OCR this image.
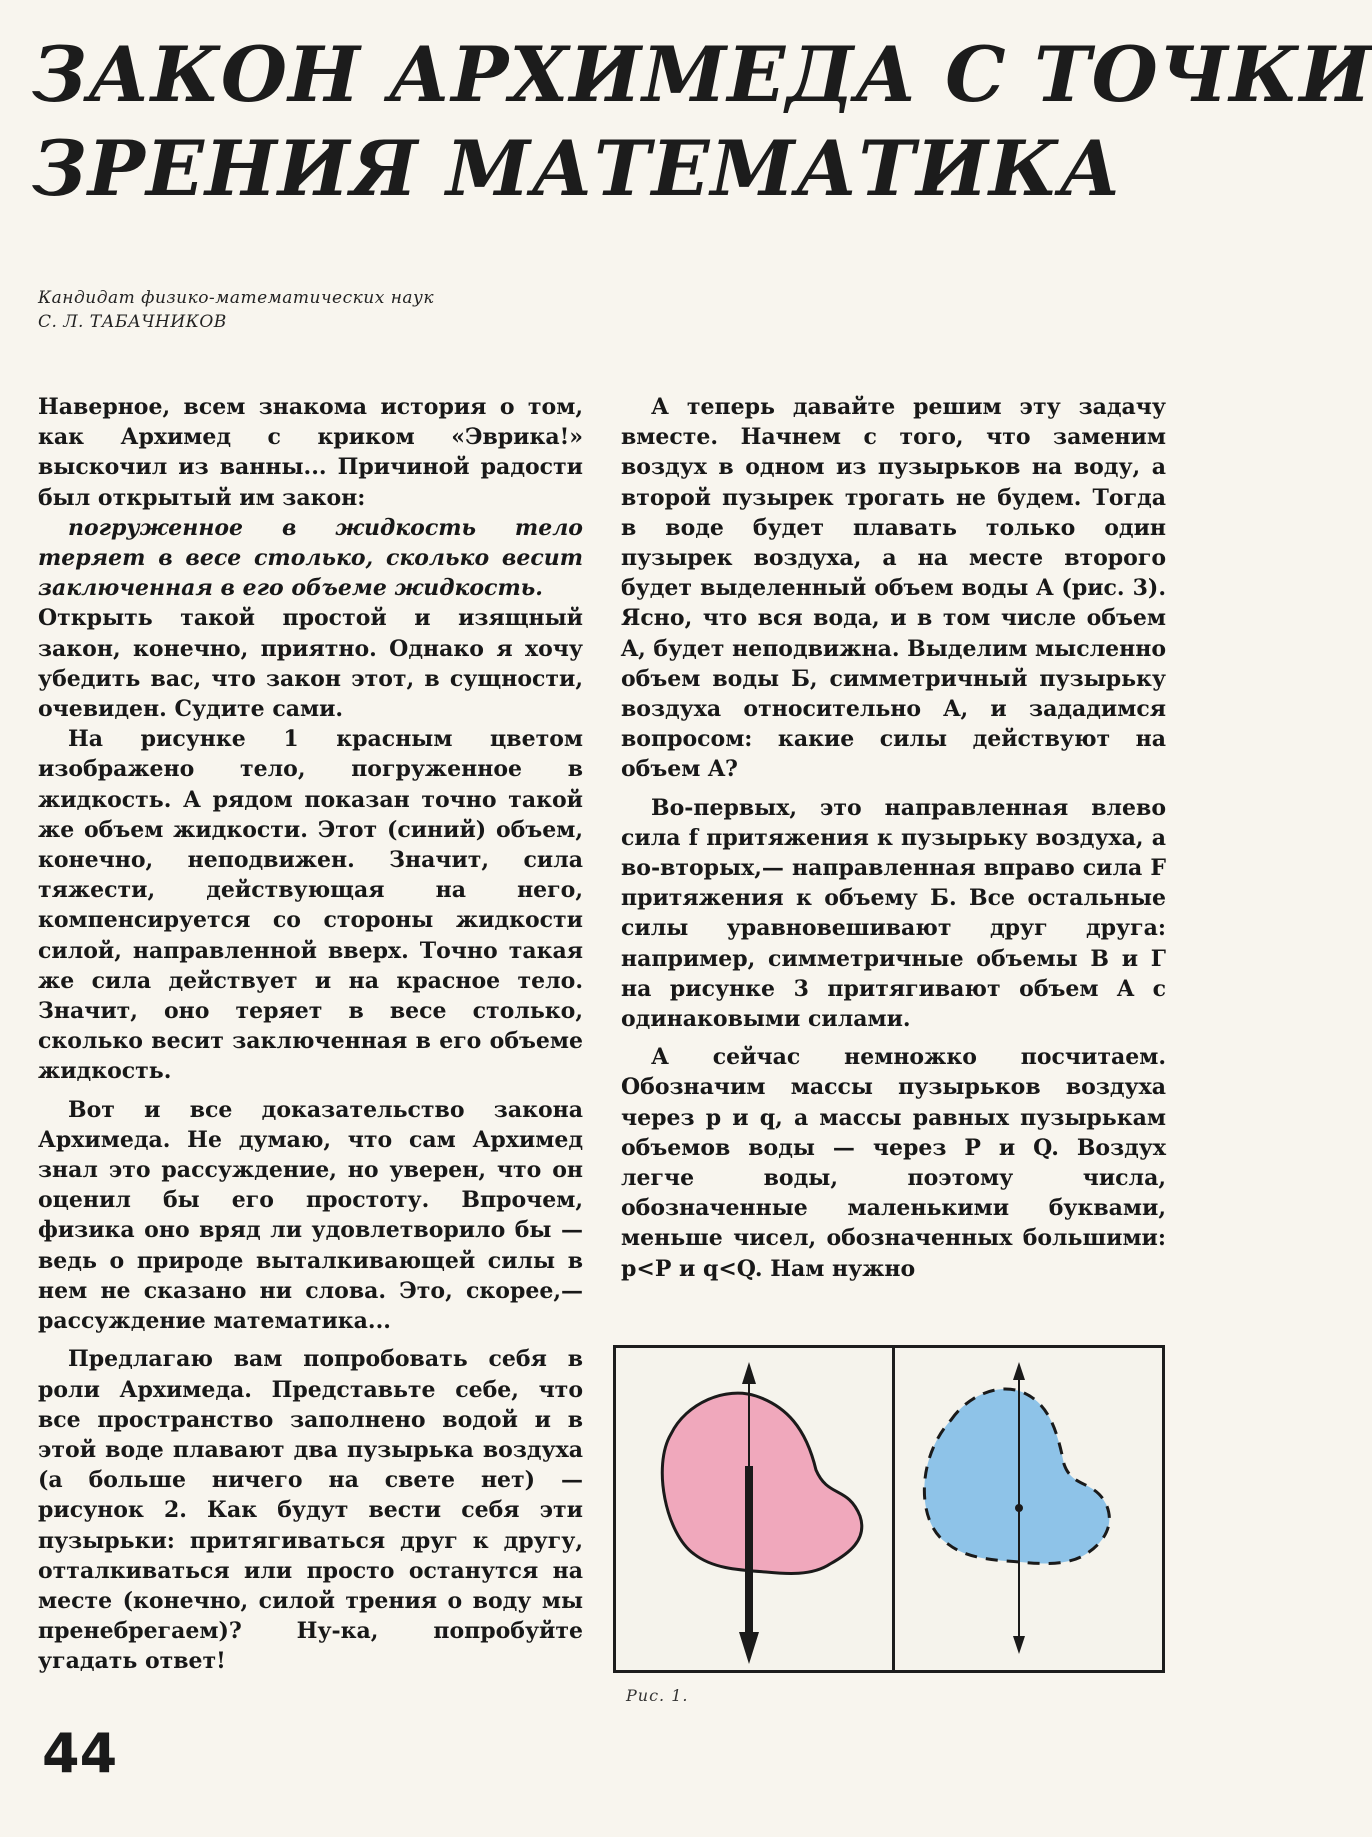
ЗАКОН АРХИМЕДА С ТОЧКИ
ЗРЕНИЯ МАТЕМАТИКА
Кандидат физико-математических наук
С. Л. ТАБАЧНИКОВ

Наверное, всем знакома история о том, как Архимед с криком «Эврика!» выскочил из ванны... Причиной радости был открытый им закон:

погруженное в жидкость тело теряет в весе столько, сколько весит заключенная в его объеме жидкость.

Открыть такой простой и изящный закон, конечно, приятно. Однако я хочу убедить вас, что закон этот, в сущности, очевиден. Судите сами.

На рисунке 1 красным цветом изображено тело, погруженное в жидкость. А рядом показан точно такой же объем жидкости. Этот (синий) объем, конечно, неподвижен. Значит, сила тяжести, действующая на него, компенсируется со стороны жидкости силой, направленной вверх. Точно такая же сила действует и на красное тело. Значит, оно теряет в весе столько, сколько весит заключенная в его объеме жидкость.

Вот и все доказательство закона Архимеда. Не думаю, что сам Архимед знал это рассуждение, но уверен, что он оценил бы его простоту. Впрочем, физика оно вряд ли удовлетворило бы — ведь о природе выталкивающей силы в нем не сказано ни слова. Это, скорее,— рассуждение математика...

Предлагаю вам попробовать себя в роли Архимеда. Представьте себе, что все пространство заполнено водой и в этой воде плавают два пузырька воздуха (а больше ничего на свете нет) — рисунок 2. Как будут вести себя эти пузырьки: притягиваться друг к другу, отталкиваться или просто останутся на месте (конечно, силой трения о воду мы пренебрегаем)? Ну-ка, попробуйте угадать ответ!

А теперь давайте решим эту задачу вместе. Начнем с того, что заменим воздух в одном из пузырьков на воду, а второй пузырек трогать не будем. Тогда в воде будет плавать только один пузырек воздуха, а на месте второго будет выделенный объем воды A (рис. 3). Ясно, что вся вода, и в том числе объем A, будет неподвижна. Выделим мысленно объем воды Б, симметричный пузырьку воздуха относительно A, и зададимся вопросом: какие силы действуют на объем A?

Во-первых, это направленная влево сила f притяжения к пузырьку воздуха, а во-вторых,— направленная вправо сила F притяжения к объему Б. Все остальные силы уравновешивают друг друга: например, симметричные объемы В и Г на рисунке 3 притягивают объем A с одинаковыми силами.

А сейчас немножко посчитаем. Обозначим массы пузырьков воздуха через p и q, а массы равных пузырькам объемов воды — через P и Q. Воздух легче воды, поэтому числа, обозначенные маленькими буквами, меньше чисел, обозначенных большими: p<P и q<Q. Нам нужно

Рис. 1.
44
